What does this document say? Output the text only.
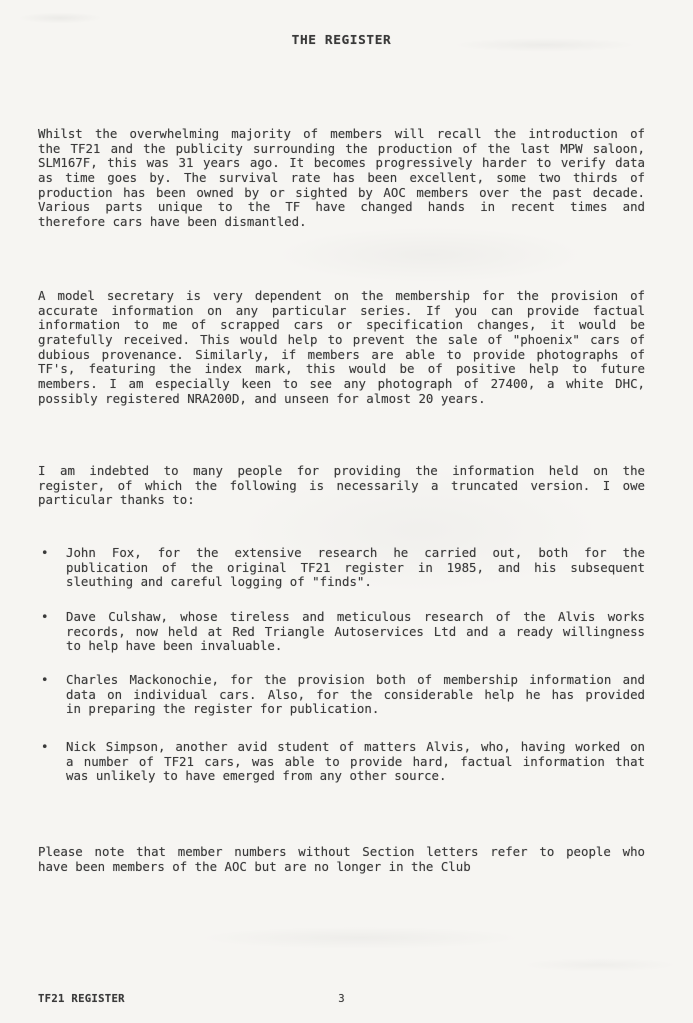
THE REGISTER
Whilst the overwhelming majority of members will recall the introduction of
the TF21 and the publicity surrounding the production of the last MPW saloon,
SLM167F, this was 31 years ago. It becomes progressively harder to verify data
as time goes by. The survival rate has been excellent, some two thirds of
production has been owned by or sighted by AOC members over the past decade.
Various parts unique to the TF have changed hands in recent times and
therefore cars have been dismantled.
A model secretary is very dependent on the membership for the provision of
accurate information on any particular series. If you can provide factual
information to me of scrapped cars or specification changes, it would be
gratefully received. This would help to prevent the sale of "phoenix" cars of
dubious provenance. Similarly, if members are able to provide photographs of
TF's, featuring the index mark, this would be of positive help to future
members. I am especially keen to see any photograph of 27400, a white DHC,
possibly registered NRA200D, and unseen for almost 20 years.
I am indebted to many people for providing the information held on the
register, of which the following is necessarily a truncated version. I owe
particular thanks to:
•	John Fox, for the extensive research he carried out, both for the
publication of the original TF21 register in 1985, and his subsequent
sleuthing and careful logging of "finds".
•	Dave Culshaw, whose tireless and meticulous research of the Alvis works
records, now held at Red Triangle Autoservices Ltd and a ready willingness
to help have been invaluable.
•	Charles Mackonochie, for the provision both of membership information and
data on individual cars. Also, for the considerable help he has provided
in preparing the register for publication.
•	Nick Simpson, another avid student of matters Alvis, who, having worked on
a number of TF21 cars, was able to provide hard, factual information that
was unlikely to have emerged from any other source.
Please note that member numbers without Section letters refer to people who
have been members of the AOC but are no longer in the Club
TF21 REGISTER	3
